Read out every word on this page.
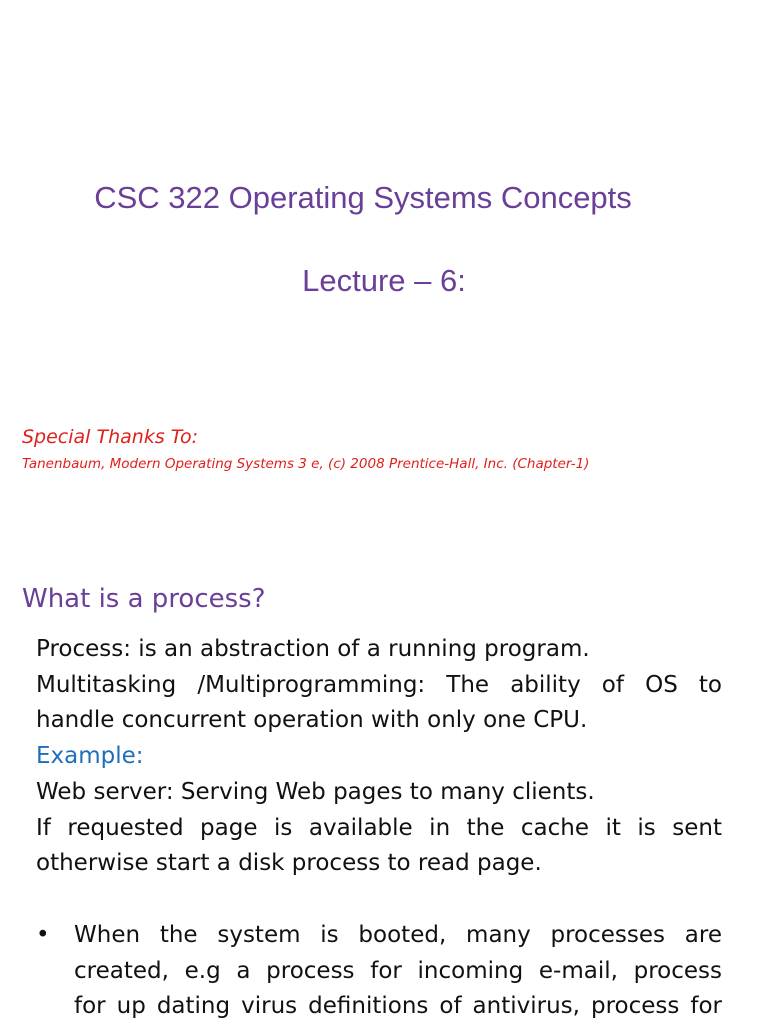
CSC 322 Operating Systems Concepts
Lecture – 6:
Special Thanks To:
Tanenbaum, Modern Operating Systems 3 e, (c) 2008 Prentice-Hall, Inc. (Chapter-1)
What is a process?
Process: is an abstraction of a running program.
Multitasking /Multiprogramming: The ability of OS to
handle concurrent operation with only one CPU.
Example:
Web server: Serving Web pages to many clients.
If requested page is available in the cache it is sent
otherwise start a disk process to read page.
• When the system is booted, many processes are
created, e.g a process for incoming e-mail, process
for up dating virus definitions of antivirus, process for
